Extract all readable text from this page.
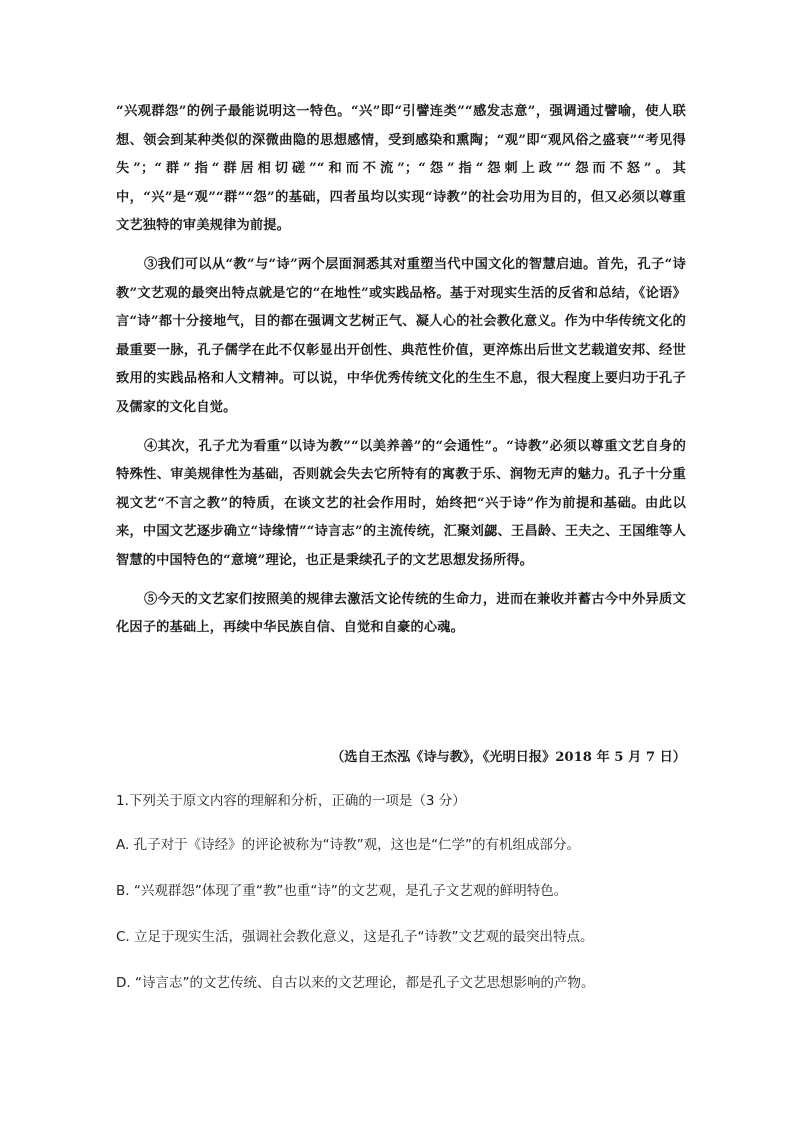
“兴观群怨”的例子最能说明这一特色。“兴”即“引譬连类”“感发志意”，强调通过譬喻，使人联想、领会到某种类似的深微曲隐的思想感情，受到感染和熏陶；“观”即“观风俗之盛衰”“考见得失”；“群”指“群居相切磋”“和而不流”；“怨”指“怨刺上政”“怨而不怒”。其中，“兴”是“观”“群”“怨”的基础，四者虽均以实现“诗教”的社会功用为目的，但又必须以尊重文艺独特的审美规律为前提。

③我们可以从“教”与“诗”两个层面洞悉其对重塑当代中国文化的智慧启迪。首先，孔子“诗教”文艺观的最突出特点就是它的“在地性”或实践品格。基于对现实生活的反省和总结，《论语》言“诗”都十分接地气，目的都在强调文艺树正气、凝人心的社会教化意义。作为中华传统文化的最重要一脉，孔子儒学在此不仅彰显出开创性、典范性价值，更淬炼出后世文艺载道安邦、经世致用的实践品格和人文精神。可以说，中华优秀传统文化的生生不息，很大程度上要归功于孔子及儒家的文化自觉。

④其次，孔子尤为看重“以诗为教”“以美养善”的“会通性”。“诗教”必须以尊重文艺自身的特殊性、审美规律性为基础，否则就会失去它所特有的寓教于乐、润物无声的魅力。孔子十分重视文艺“不言之教”的特质，在谈文艺的社会作用时，始终把“兴于诗”作为前提和基础。由此以来，中国文艺逐步确立“诗缘情”“诗言志”的主流传统，汇聚刘勰、王昌龄、王夫之、王国维等人智慧的中国特色的“意境”理论，也正是秉续孔子的文艺思想发扬所得。

⑤今天的文艺家们按照美的规律去激活文论传统的生命力，进而在兼收并蓄古今中外异质文化因子的基础上，再续中华民族自信、自觉和自豪的心魂。

（选自王杰泓《诗与教》，《光明日报》2018 年 5 月 7 日）
1.下列关于原文内容的理解和分析，正确的一项是（3 分）
A. 孔子对于《诗经》的评论被称为“诗教”观，这也是“仁学”的有机组成部分。
B. “兴观群怨”体现了重“教”也重“诗”的文艺观，是孔子文艺观的鲜明特色。
C. 立足于现实生活，强调社会教化意义，这是孔子“诗教”文艺观的最突出特点。
D. “诗言志”的文艺传统、自古以来的文艺理论，都是孔子文艺思想影响的产物。
